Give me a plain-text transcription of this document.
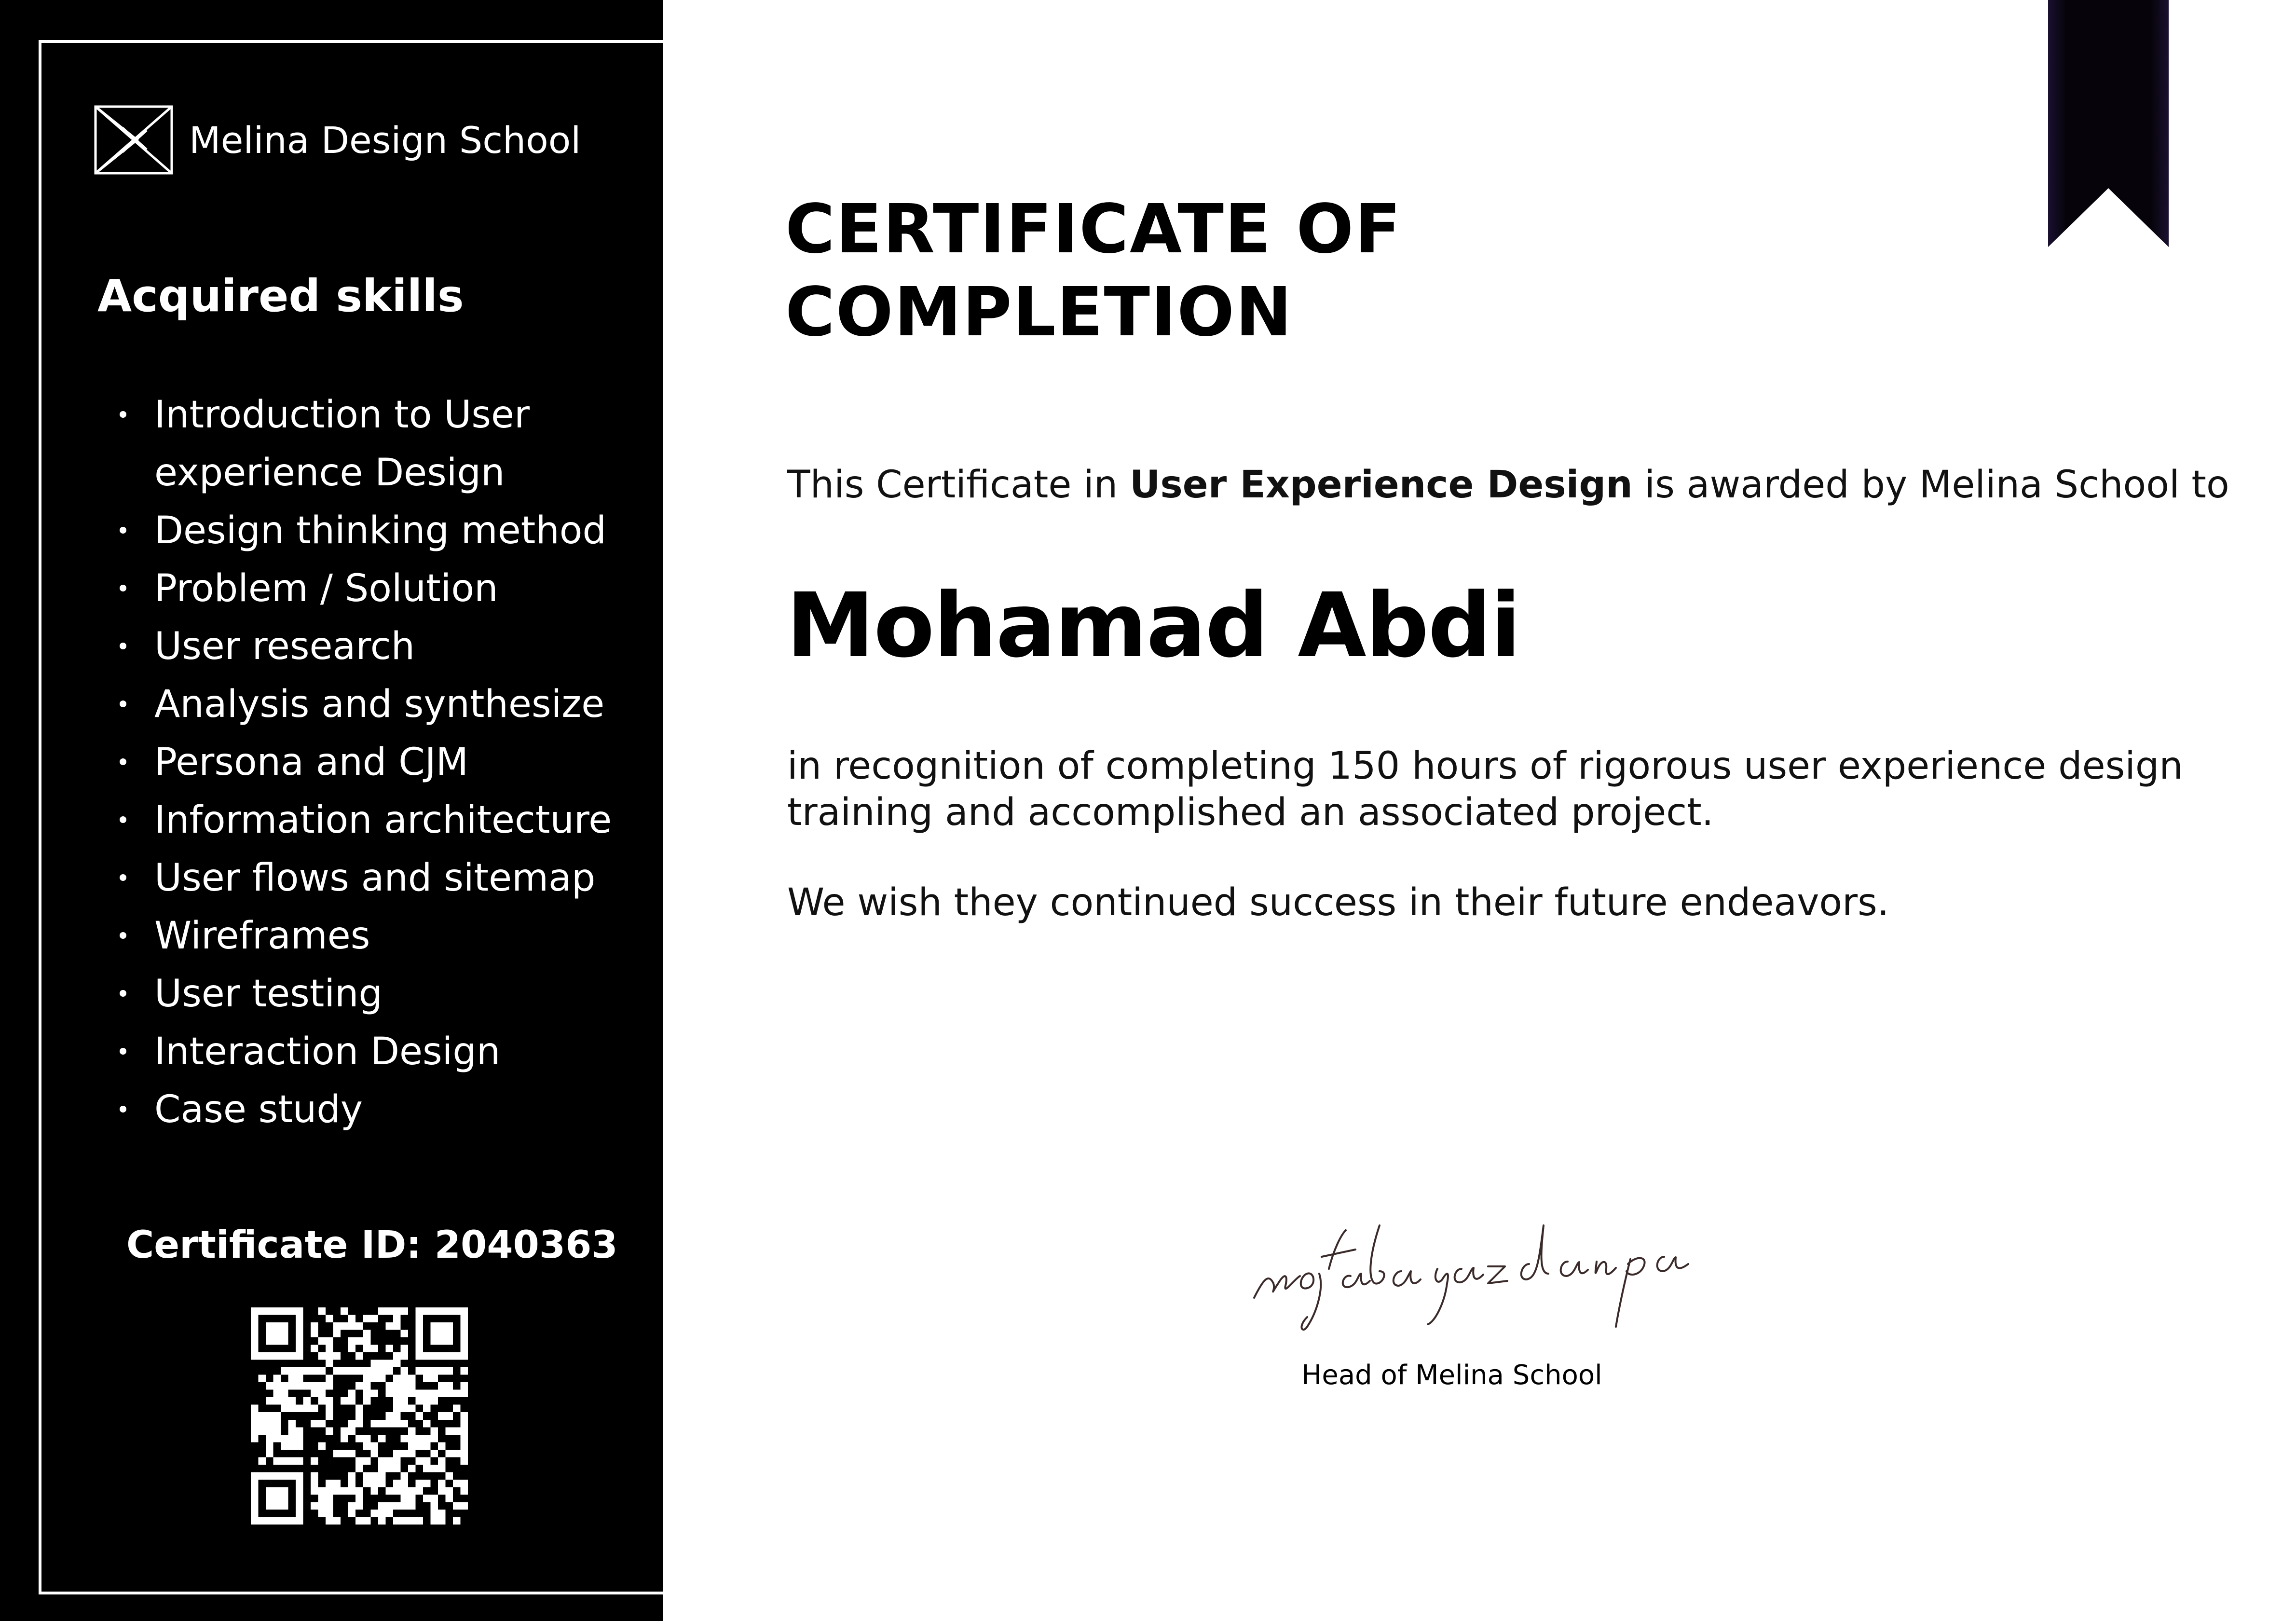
Melina Design School
Acquired skills
Introduction to User
experience Design
Design thinking method
Problem / Solution
User research
Analysis and synthesize
Persona and CJM
Information architecture
User flows and sitemap
Wireframes
User testing
Interaction Design
Case study
Certificate ID: 2040363
CERTIFICATE OF
COMPLETION
This Certificate in User Experience Design is awarded by Melina School to
Mohamad Abdi
in recognition of completing 150 hours of rigorous user experience design training and accomplished an associated project.
We wish they continued success in their future endeavors.
Head of Melina School
